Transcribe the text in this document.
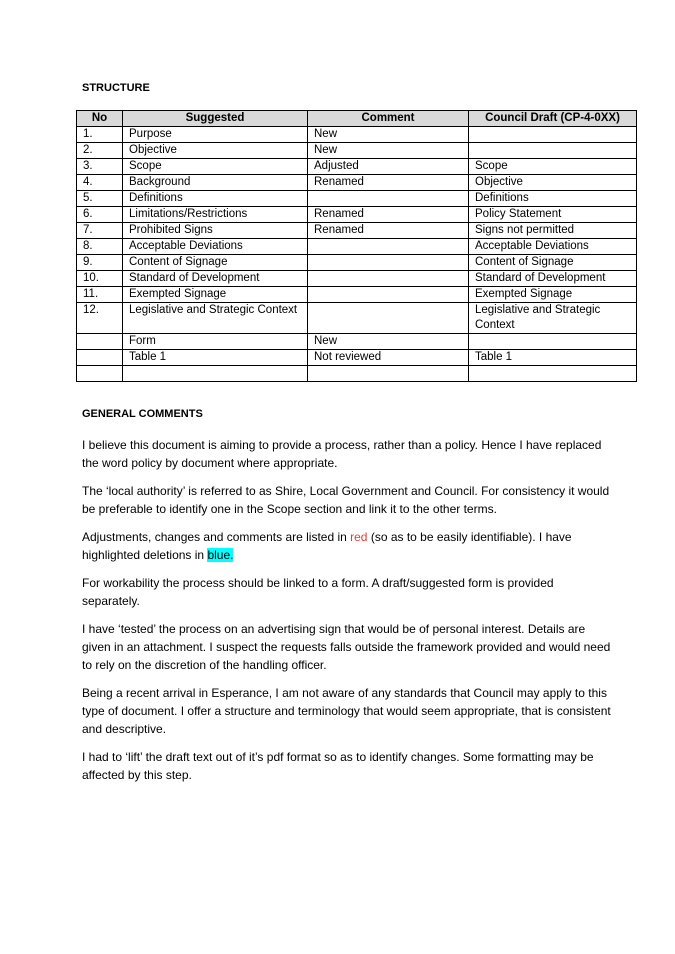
STRUCTURE
No	Suggested	Comment	Council Draft (CP-4-0XX)
1.	Purpose	New	
2.	Objective	New	
3.	Scope	Adjusted	Scope
4.	Background	Renamed	Objective
5.	Definitions		Definitions
6.	Limitations/Restrictions	Renamed	Policy Statement
7.	Prohibited Signs	Renamed	Signs not permitted
8.	Acceptable Deviations		Acceptable Deviations
9.	Content of Signage		Content of Signage
10.	Standard of Development		Standard of Development
11.	Exempted Signage		Exempted Signage
12.	Legislative and Strategic Context		Legislative and Strategic Context
	Form	New	
	Table 1	Not reviewed	Table 1

GENERAL COMMENTS

I believe this document is aiming to provide a process, rather than a policy. Hence I have replaced the word policy by document where appropriate.

The ‘local authority’ is referred to as Shire, Local Government and Council. For consistency it would be preferable to identify one in the Scope section and link it to the other terms.

Adjustments, changes and comments are listed in red (so as to be easily identifiable). I have highlighted deletions in blue.

For workability the process should be linked to a form. A draft/suggested form is provided separately.

I have ‘tested’ the process on an advertising sign that would be of personal interest. Details are given in an attachment. I suspect the requests falls outside the framework provided and would need to rely on the discretion of the handling officer.

Being a recent arrival in Esperance, I am not aware of any standards that Council may apply to this type of document. I offer a structure and terminology that would seem appropriate, that is consistent and descriptive.

I had to ‘lift’ the draft text out of it’s pdf format so as to identify changes. Some formatting may be affected by this step.
